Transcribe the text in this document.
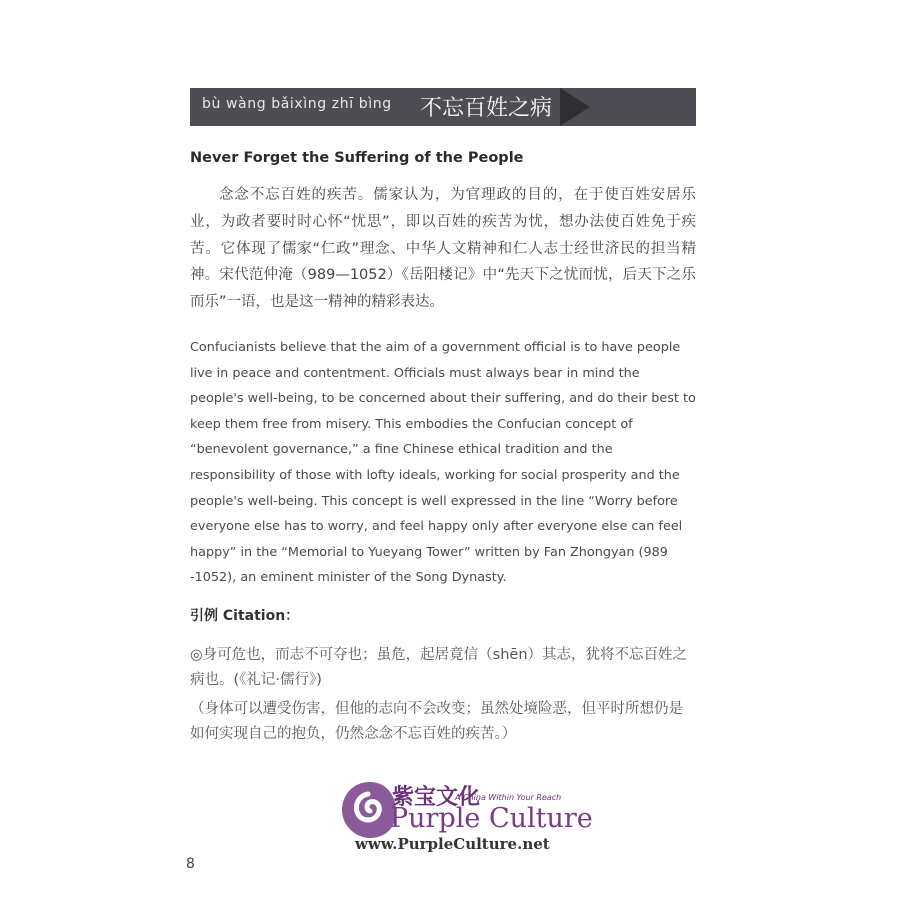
bù wàng bǎixìng zhī bìng 不忘百姓之病
Never Forget the Suffering of the People
念念不忘百姓的疾苦。儒家认为，为官理政的目的，在于使百姓安居乐业，为政者要时时心怀“忧思”，即以百姓的疾苦为忧，想办法使百姓免于疾苦。它体现了儒家“仁政”理念、中华人文精神和仁人志士经世济民的担当精神。宋代范仲淹（989—1052）《岳阳楼记》中“先天下之忧而忧，后天下之乐而乐”一语，也是这一精神的精彩表达。
Confucianists believe that the aim of a government official is to have people live in peace and contentment. Officials must always bear in mind the people's well-being, to be concerned about their suffering, and do their best to keep them free from misery. This embodies the Confucian concept of “benevolent governance,” a fine Chinese ethical tradition and the responsibility of those with lofty ideals, working for social prosperity and the people's well-being. This concept is well expressed in the line “Worry before everyone else has to worry, and feel happy only after everyone else can feel happy” in the “Memorial to Yueyang Tower” written by Fan Zhongyan (989 -1052), an eminent minister of the Song Dynasty.
引例 Citation：
◎身可危也，而志不可夺也；虽危，起居竟信（shēn）其志，犹将不忘百姓之病也。(《礼记·儒行》)
（身体可以遭受伤害，但他的志向不会改变；虽然处境险恶，但平时所想仍是如何实现自己的抱负，仍然念念不忘百姓的疾苦。）
紫宝文化
A China Within Your Reach
Purple Culture
www.PurpleCulture.net
8
